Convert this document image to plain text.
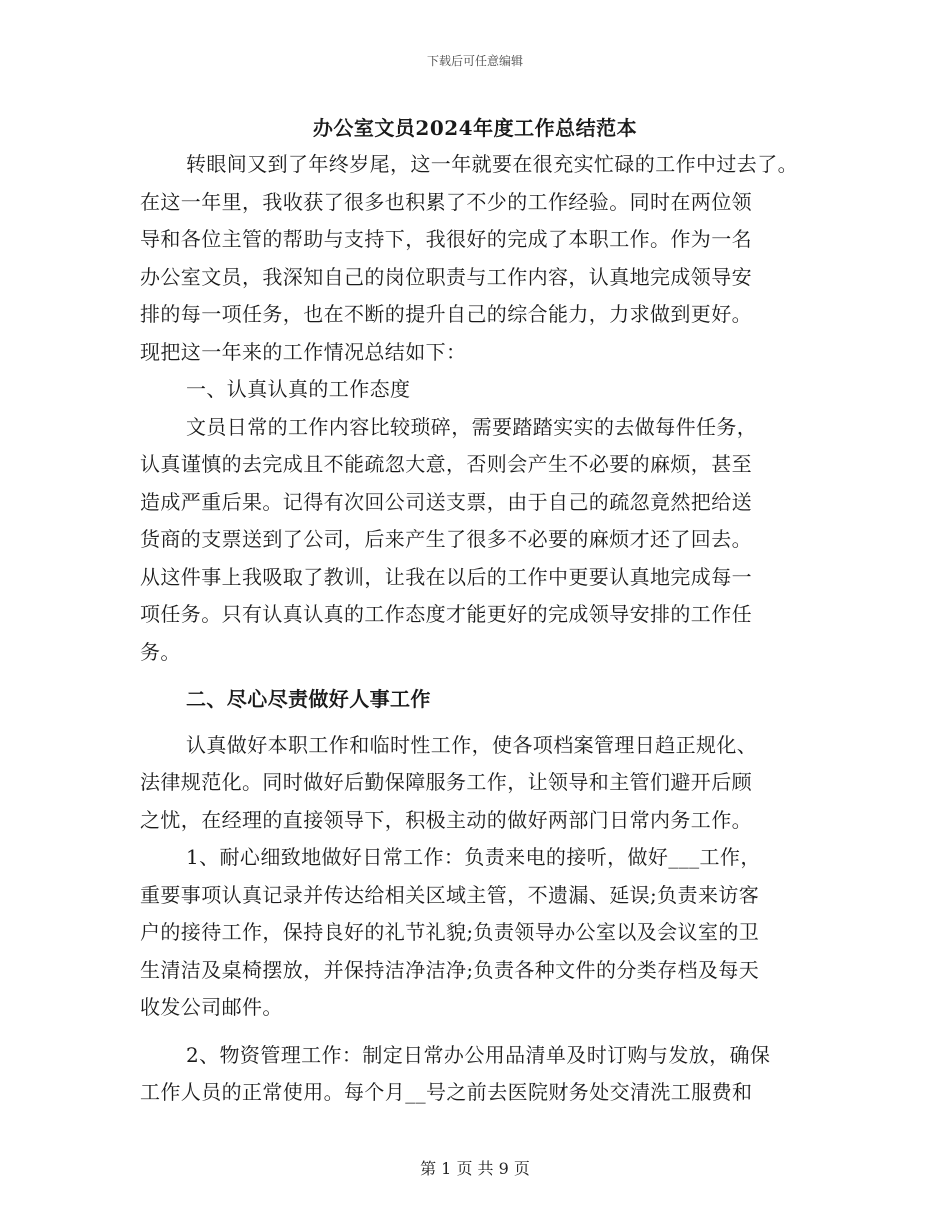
下载后可任意编辑
办公室文员2024年度工作总结范本
转眼间又到了年终岁尾，这一年就要在很充实忙碌的工作中过去了。
在这一年里，我收获了很多也积累了不少的工作经验。同时在两位领
导和各位主管的帮助与支持下，我很好的完成了本职工作。作为一名
办公室文员，我深知自己的岗位职责与工作内容，认真地完成领导安
排的每一项任务，也在不断的提升自己的综合能力，力求做到更好。
现把这一年来的工作情况总结如下：
一、认真认真的工作态度
文员日常的工作内容比较琐碎，需要踏踏实实的去做每件任务，
认真谨慎的去完成且不能疏忽大意，否则会产生不必要的麻烦，甚至
造成严重后果。记得有次回公司送支票，由于自己的疏忽竟然把给送
货商的支票送到了公司，后来产生了很多不必要的麻烦才还了回去。
从这件事上我吸取了教训，让我在以后的工作中更要认真地完成每一
项任务。只有认真认真的工作态度才能更好的完成领导安排的工作任
务。
二、尽心尽责做好人事工作
认真做好本职工作和临时性工作，使各项档案管理日趋正规化、
法律规范化。同时做好后勤保障服务工作，让领导和主管们避开后顾
之忧，在经理的直接领导下，积极主动的做好两部门日常内务工作。
1、耐心细致地做好日常工作：负责来电的接听，做好___工作，
重要事项认真记录并传达给相关区域主管，不遗漏、延误;负责来访客
户的接待工作，保持良好的礼节礼貌;负责领导办公室以及会议室的卫
生清洁及桌椅摆放，并保持洁净洁净;负责各种文件的分类存档及每天
收发公司邮件。
2、物资管理工作：制定日常办公用品清单及时订购与发放，确保
工作人员的正常使用。每个月__号之前去医院财务处交清洗工服费和
第 1 页 共 9 页
